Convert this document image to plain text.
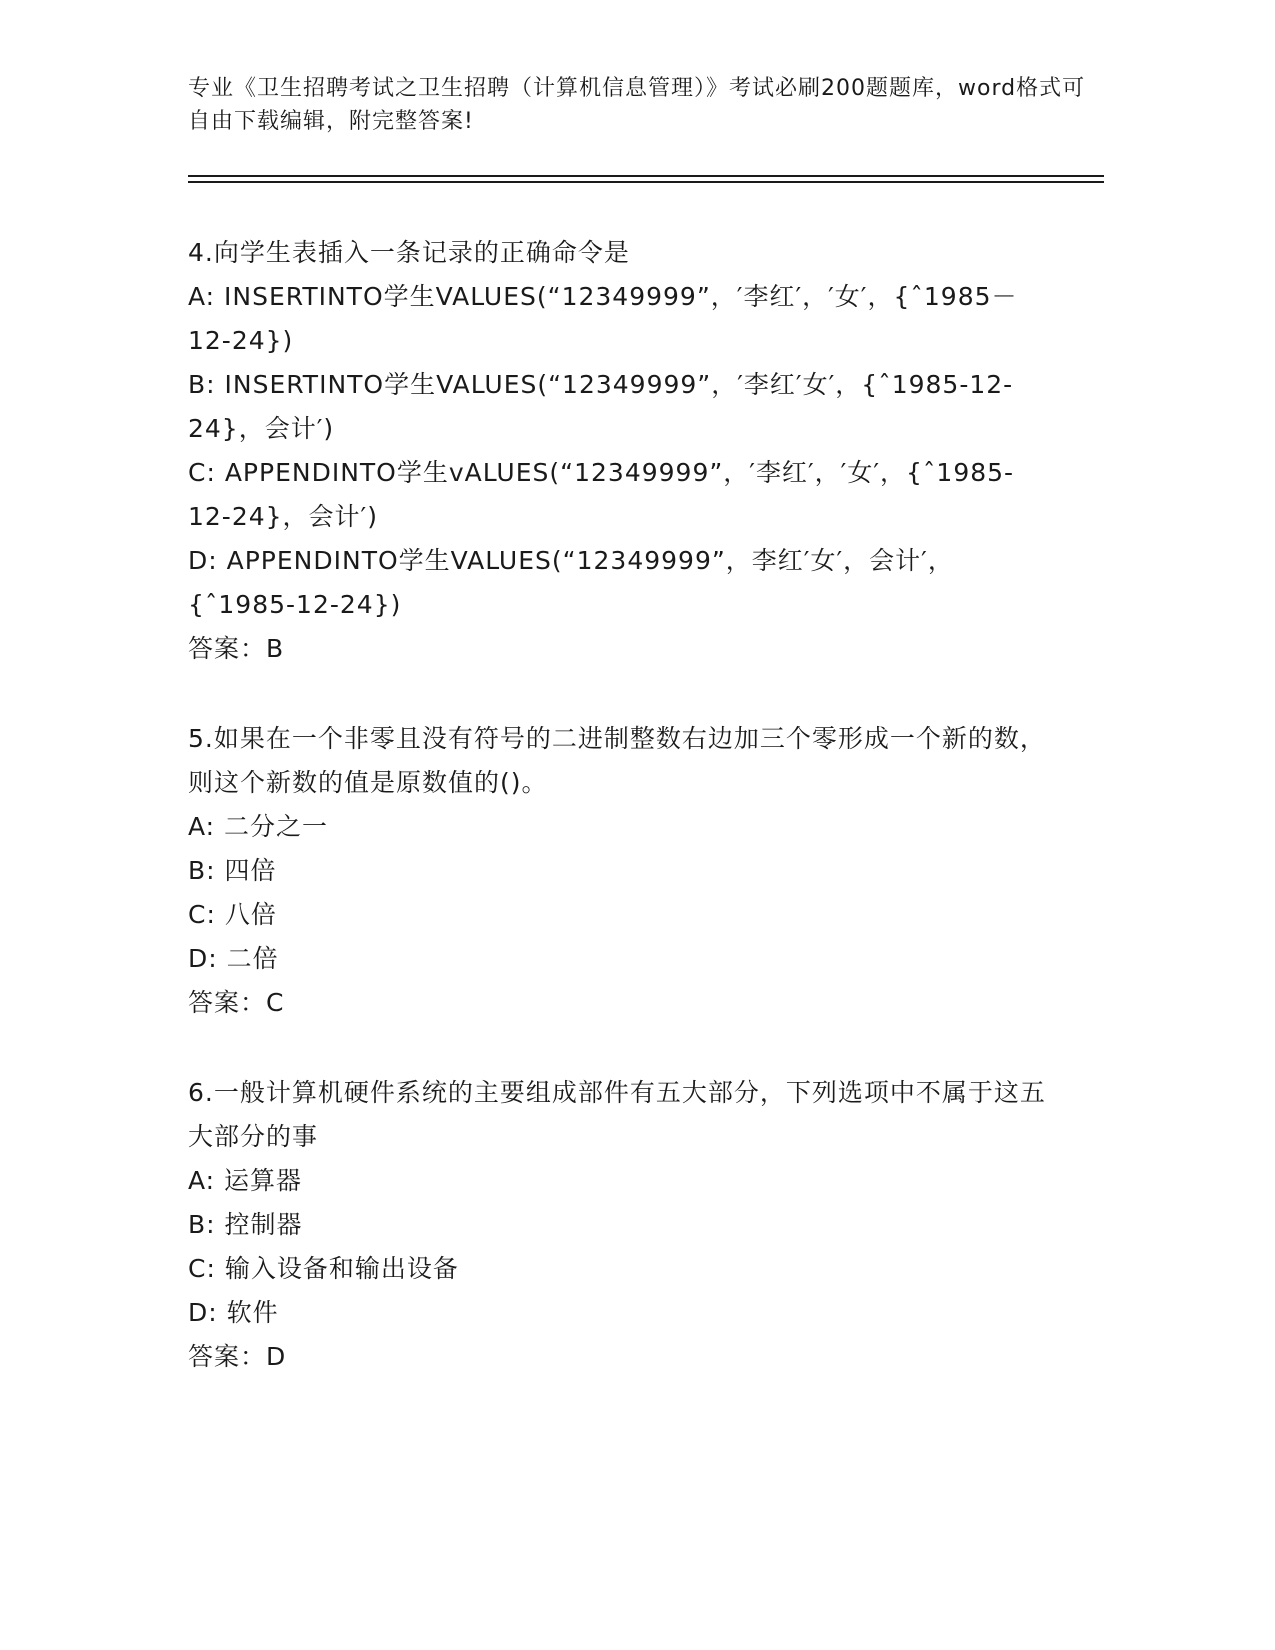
专业《卫生招聘考试之卫生招聘（计算机信息管理）》考试必刷200题题库，word格式可自由下载编辑，附完整答案!

4.向学生表插入一条记录的正确命令是

A: INSERTINTO学生VALUES(“12349999”，′李红′，′女′，{ˆ1985－12-24})

B: INSERTINTO学生VALUES(“12349999”，′李红′女′，{ˆ1985-12-24}，会计′)

C: APPENDINTO学生vALUES(“12349999”，′李红′，′女′，{ˆ1985-12-24}，会计′)

D: APPENDINTO学生VALUES(“12349999”，李红′女′，会计′，{ˆ1985-12-24})

答案：B

5.如果在一个非零且没有符号的二进制整数右边加三个零形成一个新的数，则这个新数的值是原数值的()。

A: 二分之一

B: 四倍

C: 八倍

D: 二倍

答案：C

6.一般计算机硬件系统的主要组成部件有五大部分，下列选项中不属于这五大部分的事

A: 运算器

B: 控制器

C: 输入设备和输出设备

D: 软件

答案：D
